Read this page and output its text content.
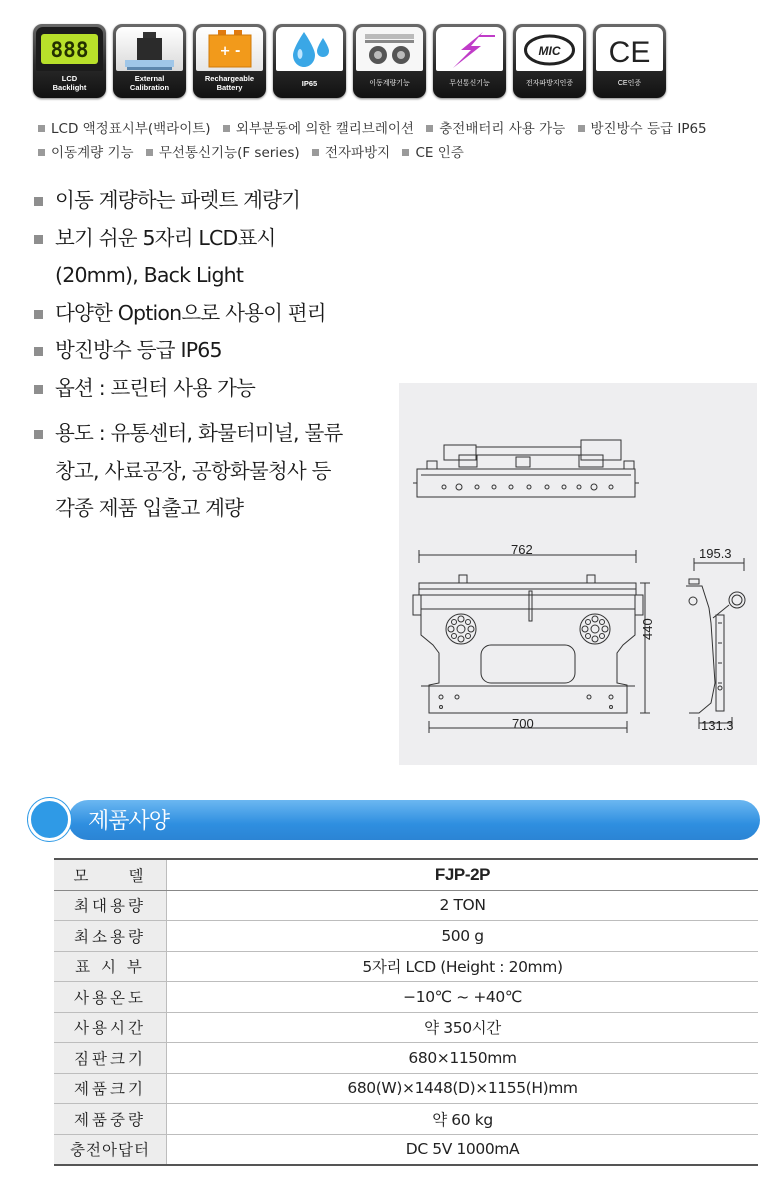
888
LCD
Backlight
External
Calibration
+ -
Rechargeable
Battery	IP65	이동계량기능	무선통신기능
MIC
전자파방지인증
CE
CE인증
LCD 액정표시부(백라이트) 외부분동에 의한 캘리브레이션 충전배터리 사용 가능 방진방수 등급 IP65
이동계량 기능 무선통신기능(F series) 전자파방지 CE 인증
이동 계량하는 파렛트 계량기
보기 쉬운 5자리 LCD표시
(20mm), Back Light
다양한 Option으로 사용이 편리
방진방수 등급 IP65
옵션 : 프린터 사용 가능
용도 : 유통센터, 화물터미널, 물류
창고, 사료공장, 공항화물청사 등
각종 제품 입출고 계량
762
440
700
195.3
131.3
제품사양
모　　델	FJP-2P
최대용량	2 TON
최소용량	500 g
표 시 부	5자리 LCD (Height : 20mm)
사용온도	−10℃ ~ +40℃
사용시간	약 350시간
짐판크기	680×1150mm
제품크기	680(W)×1448(D)×1155(H)mm
제품중량	약 60 kg
충전아답터	DC 5V 1000mA
